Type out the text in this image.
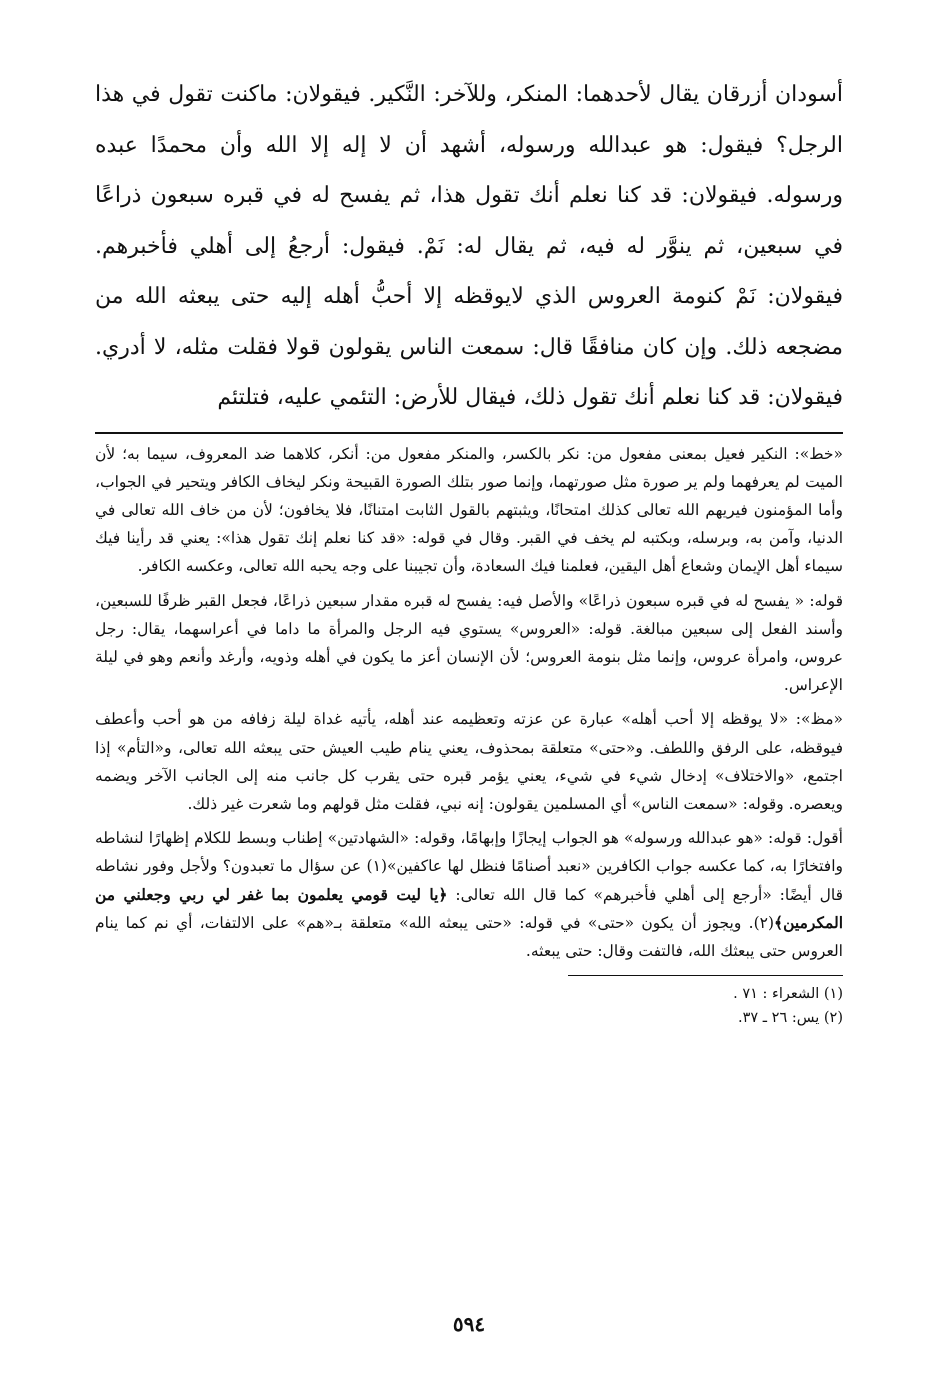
أسودان أزرقان يقال لأحدهما: المنكر، وللآخر: النَّكير. فيقولان: ماكنت تقول في هذا الرجل؟ فيقول: هو عبدالله ورسوله، أشهد أن لا إله إلا الله وأن محمدًا عبده ورسوله. فيقولان: قد كنا نعلم أنك تقول هذا، ثم يفسح له في قبره سبعون ذراعًا في سبعين، ثم ينوَّر له فيه، ثم يقال له: نَمْ. فيقول: أرجعُ إلى أهلي فأخبرهم. فيقولان: نَمْ كنومة العروس الذي لايوقظه إلا أحبُّ أهله إليه حتى يبعثه الله من مضجعه ذلك. وإن كان منافقًا قال: سمعت الناس يقولون قولا فقلت مثله، لا أدري. فيقولان: قد كنا نعلم أنك تقول ذلك، فيقال للأرض: التئمي عليه، فتلتئم

«خط»: النكير فعيل بمعنى مفعول من: نكر بالكسر، والمنكر مفعول من: أنكر، كلاهما ضد المعروف، سيما به؛ لأن الميت لم يعرفهما ولم ير صورة مثل صورتهما، وإنما صور بتلك الصورة القبيحة ونكر ليخاف الكافر ويتحير في الجواب، وأما المؤمنون فيريهم الله تعالى كذلك امتحانًا، ويثبتهم بالقول الثابت امتنانًا، فلا يخافون؛ لأن من خاف الله تعالى في الدنيا، وآمن به، وبرسله، وبكتبه لم يخف في القبر. وقال في قوله: «قد كنا نعلم إنك تقول هذا»: يعني قد رأينا فيك سيماء أهل الإيمان وشعاع أهل اليقين، فعلمنا فيك السعادة، وأن تجيبنا على وجه يحبه الله تعالى، وعكسه الكافر.

قوله: « يفسح له في قبره سبعون ذراعًا» والأصل فيه: يفسح له قبره مقدار سبعين ذراعًا، فجعل القبر ظرفًا للسبعين، وأسند الفعل إلى سبعين مبالغة. قوله: «العروس» يستوي فيه الرجل والمرأة ما داما في أعراسهما، يقال: رجل عروس، وامرأة عروس، وإنما مثل بنومة العروس؛ لأن الإنسان أعز ما يكون في أهله وذويه، وأرغد وأنعم وهو في ليلة الإعراس.

«مظ»: «لا يوقظه إلا أحب أهله» عبارة عن عزته وتعظيمه عند أهله، يأتيه غداة ليلة زفافه من هو أحب وأعطف فيوقظه، على الرفق واللطف. و«حتى» متعلقة بمحذوف، يعني ينام طيب العيش حتى يبعثه الله تعالى، و«التأم» إذا اجتمع، «والاختلاف» إدخال شيء في شيء، يعني يؤمر قبره حتى يقرب كل جانب منه إلى الجانب الآخر ويضمه ويعصره. وقوله: «سمعت الناس» أي المسلمين يقولون: إنه نبي، فقلت مثل قولهم وما شعرت غير ذلك.

أقول: قوله: «هو عبدالله ورسوله» هو الجواب إيجازًا وإبهامًا، وقوله: «الشهادتين» إطناب وبسط للكلام إظهارًا لنشاطه وافتخارًا به، كما عكسه جواب الكافرين «نعبد أصنامًا فنظل لها عاكفين»(١) عن سؤال ما تعبدون؟ ولأجل وفور نشاطه قال أيضًا: «أرجع إلى أهلي فأخبرهم» كما قال الله تعالى: ﴿يا ليت قومي يعلمون بما غفر لي ربي وجعلني من المكرمين﴾(٢). ويجوز أن يكون «حتى» في قوله: «حتى يبعثه الله» متعلقة بـ«هم» على الالتفات، أي نم كما ينام العروس حتى يبعثك الله، فالتفت وقال: حتى يبعثه.

(١) الشعراء : ٧١ .

(٢) يس: ٢٦ ـ ٣٧.

٥٩٤
